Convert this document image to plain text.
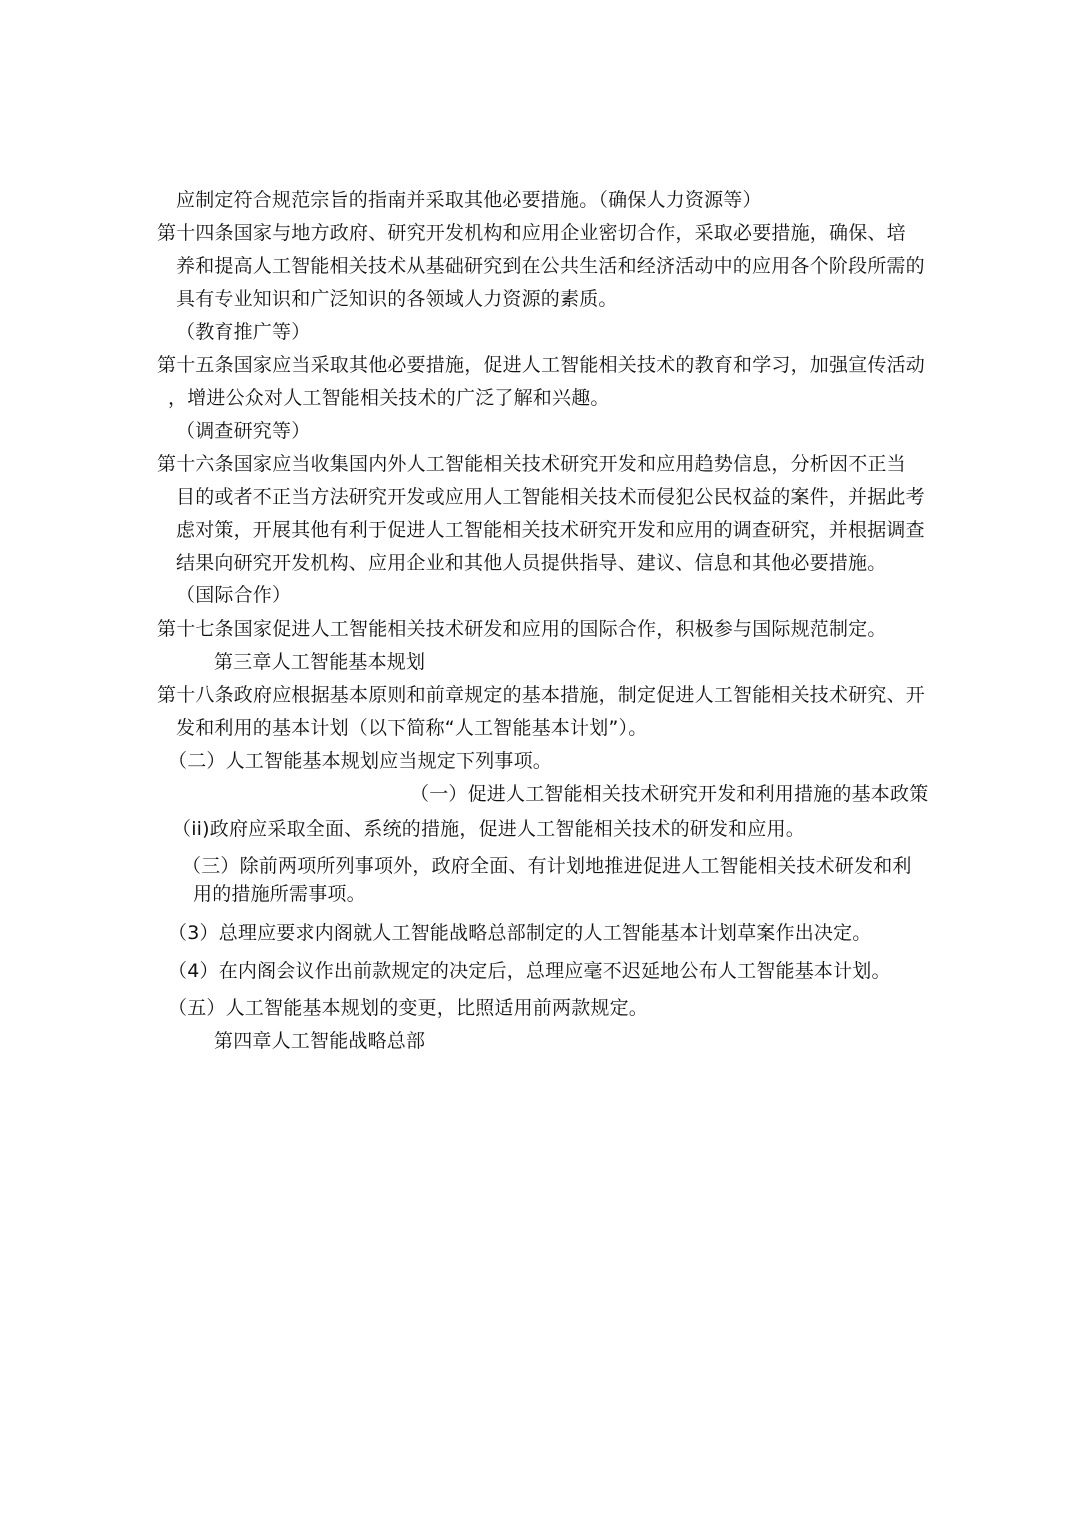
应制定符合规范宗旨的指南并采取其他必要措施。（确保人力资源等）
第十四条国家与地方政府、研究开发机构和应用企业密切合作，采取必要措施，确保、培
养和提高人工智能相关技术从基础研究到在公共生活和经济活动中的应用各个阶段所需的
具有专业知识和广泛知识的各领域人力资源的素质。
（教育推广等）
第十五条国家应当采取其他必要措施，促进人工智能相关技术的教育和学习，加强宣传活动
，增进公众对人工智能相关技术的广泛了解和兴趣。
（调查研究等）
第十六条国家应当收集国内外人工智能相关技术研究开发和应用趋势信息，分析因不正当
目的或者不正当方法研究开发或应用人工智能相关技术而侵犯公民权益的案件，并据此考
虑对策，开展其他有利于促进人工智能相关技术研究开发和应用的调查研究，并根据调查
结果向研究开发机构、应用企业和其他人员提供指导、建议、信息和其他必要措施。
（国际合作）
第十七条国家促进人工智能相关技术研发和应用的国际合作，积极参与国际规范制定。
第三章人工智能基本规划
第十八条政府应根据基本原则和前章规定的基本措施，制定促进人工智能相关技术研究、开
发和利用的基本计划（以下简称“人工智能基本计划”）。
（二）人工智能基本规划应当规定下列事项。
（一）促进人工智能相关技术研究开发和利用措施的基本政策
（ii)政府应采取全面、系统的措施，促进人工智能相关技术的研发和应用。
（三）除前两项所列事项外，政府全面、有计划地推进促进人工智能相关技术研发和利
用的措施所需事项。
（3）总理应要求内阁就人工智能战略总部制定的人工智能基本计划草案作出决定。
（4）在内阁会议作出前款规定的决定后，总理应毫不迟延地公布人工智能基本计划。
（五）人工智能基本规划的变更，比照适用前两款规定。
第四章人工智能战略总部
